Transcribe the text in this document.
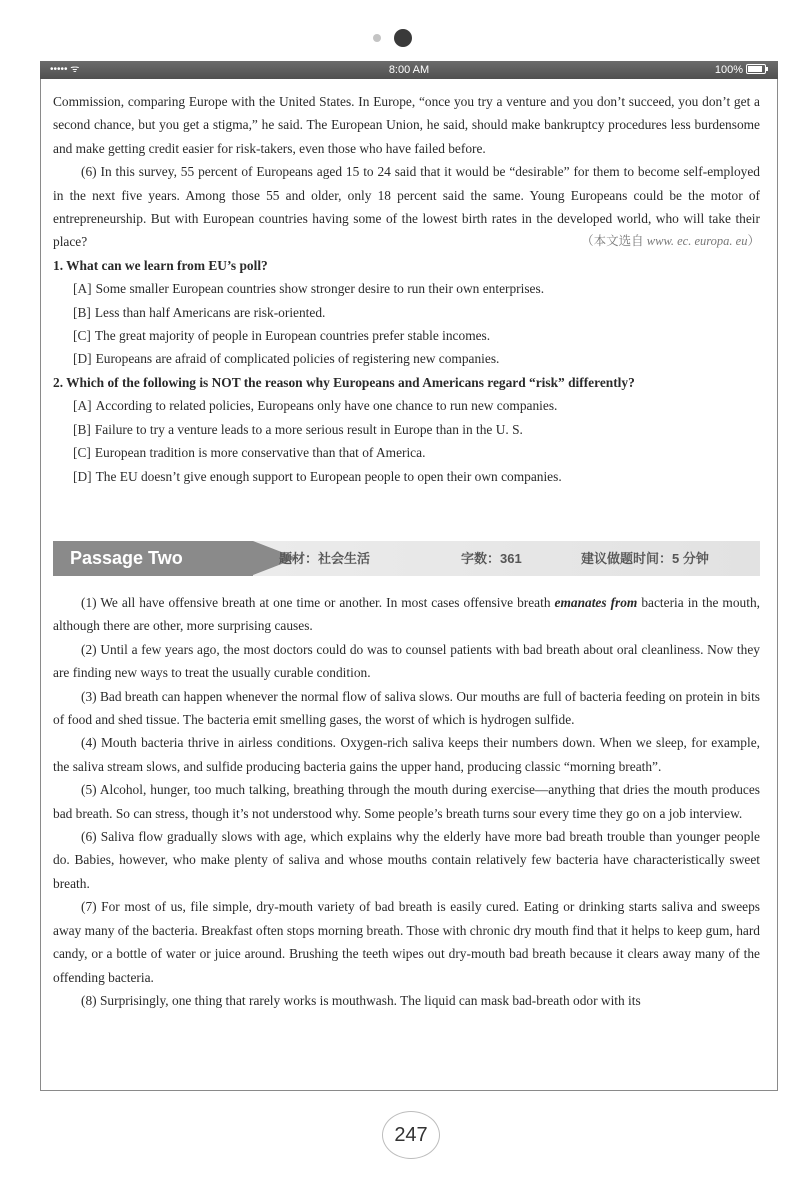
••••• ᯤ	8:00 AM	100%

Commission, comparing Europe with the United States. In Europe, “once you try a venture and you don’t succeed, you don’t get a second chance, but you get a stigma,” he said. The European Union, he said, should make bankruptcy procedures less burdensome and make getting credit easier for risk-takers, even those who have failed before.

(6) In this survey, 55 percent of Europeans aged 15 to 24 said that it would be “desirable” for them to become self-employed in the next five years. Among those 55 and older, only 18 percent said the same. Young Europeans could be the motor of entrepreneurship. But with European countries having some of the lowest birth rates in the developed world, who will take their place?	（本文选自 www. ec. europa. eu）

1. What can we learn from EU’s poll?

[A] Some smaller European countries show stronger desire to run their own enterprises.

[B] Less than half Americans are risk-oriented.

[C] The great majority of people in European countries prefer stable incomes.

[D] Europeans are afraid of complicated policies of registering new companies.

2. Which of the following is NOT the reason why Europeans and Americans regard “risk” differently?

[A] According to related policies, Europeans only have one chance to run new companies.

[B] Failure to try a venture leads to a more serious result in Europe than in the U. S.

[C] European tradition is more conservative than that of America.

[D] The EU doesn’t give enough support to European people to open their own companies.

Passage Two	题材：社会生活	字数：361	建议做题时间：5 分钟

(1) We all have offensive breath at one time or another. In most cases offensive breath emanates from bacteria in the mouth, although there are other, more surprising causes.

(2) Until a few years ago, the most doctors could do was to counsel patients with bad breath about oral cleanliness. Now they are finding new ways to treat the usually curable condition.

(3) Bad breath can happen whenever the normal flow of saliva slows. Our mouths are full of bacteria feeding on protein in bits of food and shed tissue. The bacteria emit smelling gases, the worst of which is hydrogen sulfide.

(4) Mouth bacteria thrive in airless conditions. Oxygen-rich saliva keeps their numbers down. When we sleep, for example, the saliva stream slows, and sulfide producing bacteria gains the upper hand, producing classic “morning breath”.

(5) Alcohol, hunger, too much talking, breathing through the mouth during exercise—anything that dries the mouth produces bad breath. So can stress, though it’s not understood why. Some people’s breath turns sour every time they go on a job interview.

(6) Saliva flow gradually slows with age, which explains why the elderly have more bad breath trouble than younger people do. Babies, however, who make plenty of saliva and whose mouths contain relatively few bacteria have characteristically sweet breath.

(7) For most of us, file simple, dry-mouth variety of bad breath is easily cured. Eating or drinking starts saliva and sweeps away many of the bacteria. Breakfast often stops morning breath. Those with chronic dry mouth find that it helps to keep gum, hard candy, or a bottle of water or juice around. Brushing the teeth wipes out dry-mouth bad breath because it clears away many of the offending bacteria.

(8) Surprisingly, one thing that rarely works is mouthwash. The liquid can mask bad-breath odor with its

247
